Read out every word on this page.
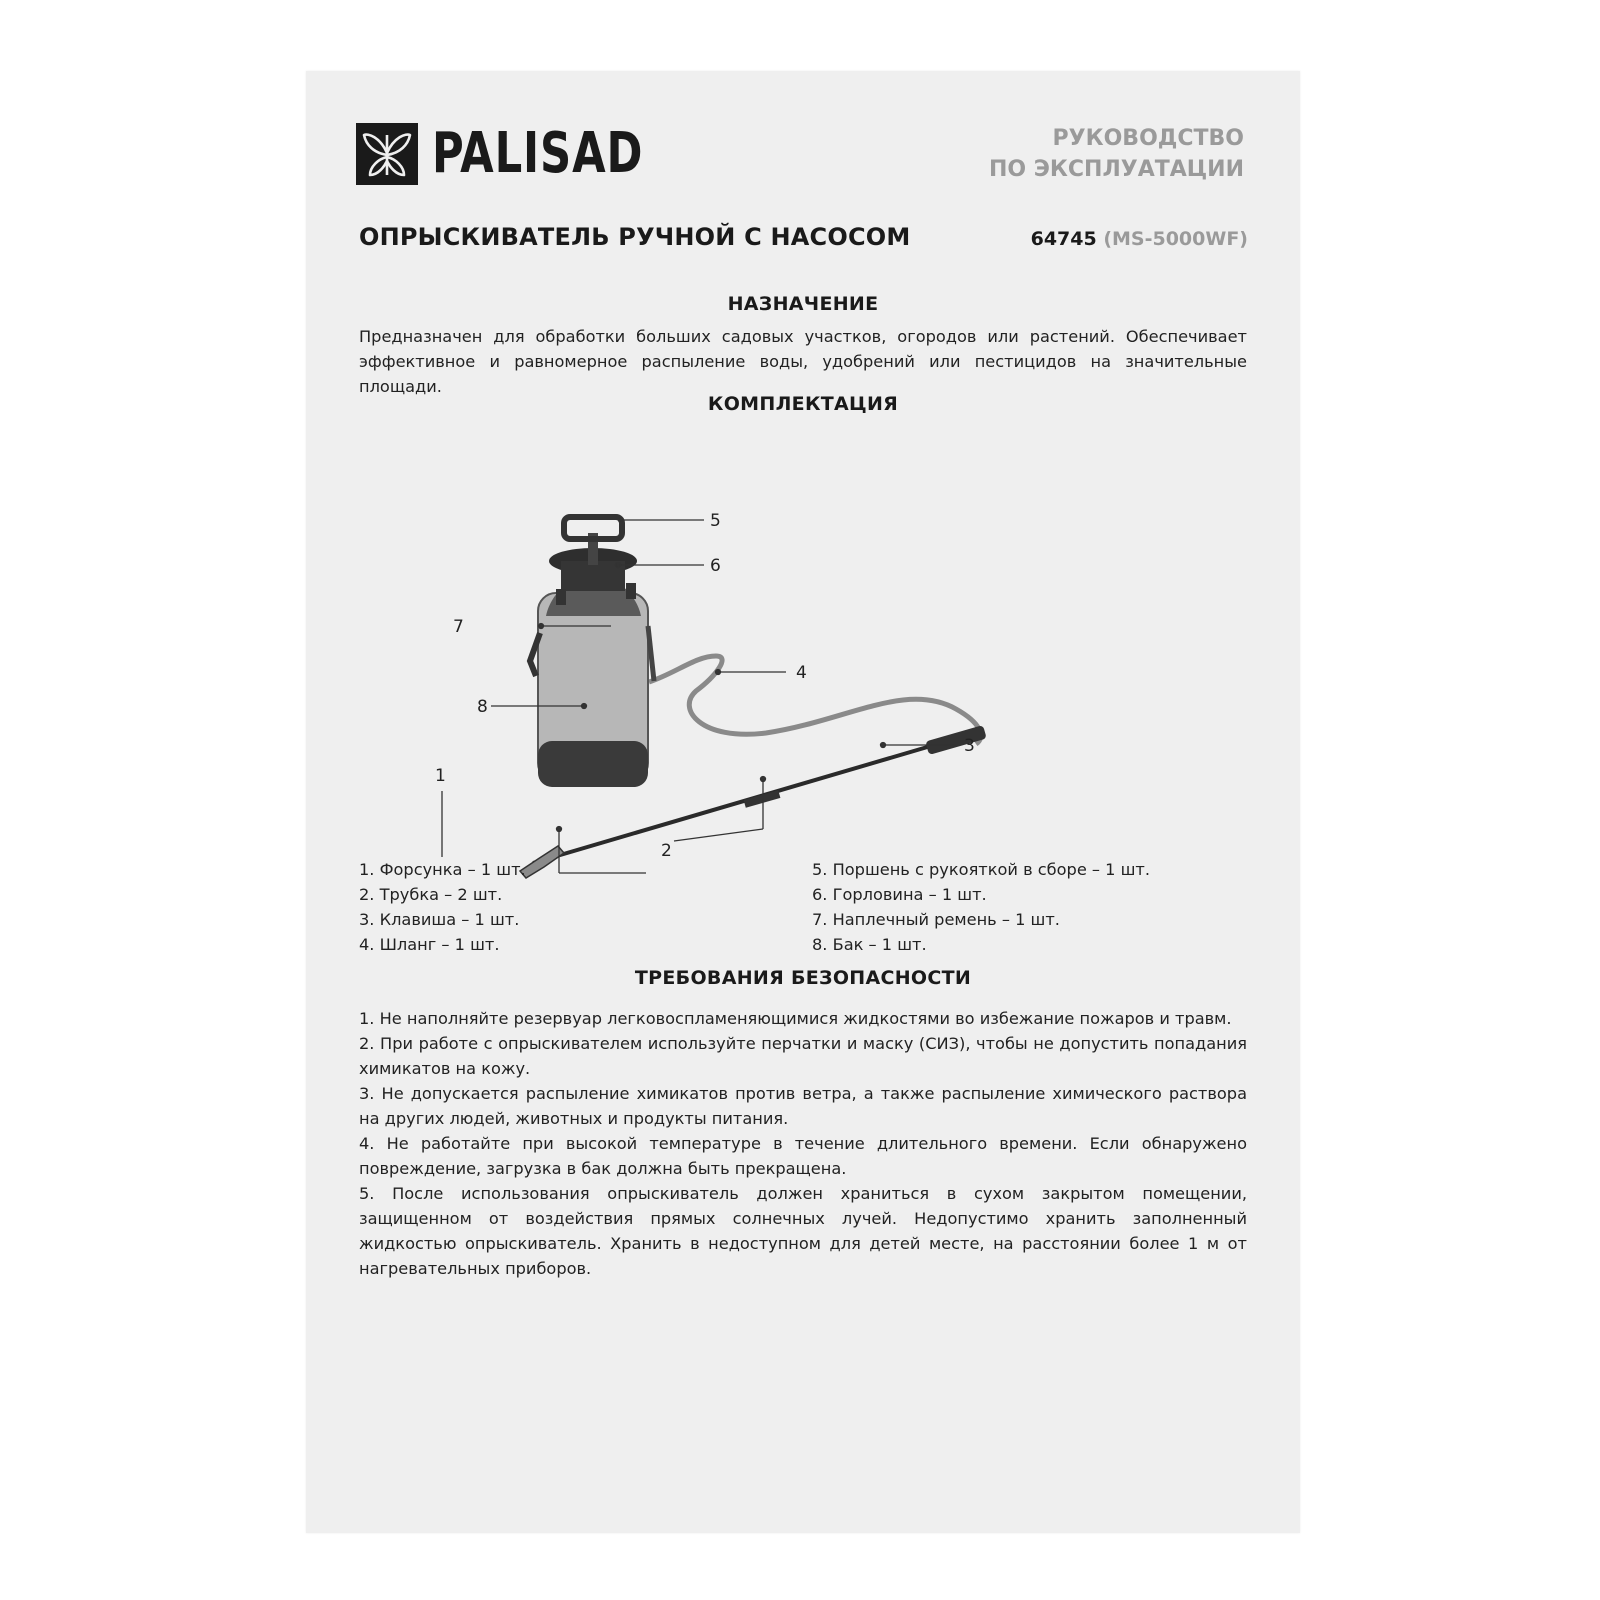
PALISAD	РУКОВОДСТВО
ПО ЭКСПЛУАТАЦИИ
ОПРЫСКИВАТЕЛЬ РУЧНОЙ С НАСОСОМ	64745 (MS-5000WF)
НАЗНАЧЕНИЕ
Предназначен для обработки больших садовых участков, огородов или растений. Обеспечивает эффективное и равномерное распыление воды, удобрений или пестицидов на значительные площади.
КОМПЛЕКТАЦИЯ
1
2
3
4
5
6
7
8
1. Форсунка – 1 шт.
2. Трубка – 2 шт.
3. Клавиша – 1 шт.
4. Шланг – 1 шт.
5. Поршень с рукояткой в сборе – 1 шт.
6. Горловина – 1 шт.
7. Наплечный ремень – 1 шт.
8. Бак – 1 шт.
ТРЕБОВАНИЯ БЕЗОПАСНОСТИ

1. Не наполняйте резервуар легковоспламеняющимися жидкостями во избежание пожаров и травм.

2. При работе с опрыскивателем используйте перчатки и маску (СИЗ), чтобы не допустить попадания химикатов на кожу.

3. Не допускается распыление химикатов против ветра, а также распыление химического раствора на других людей, животных и продукты питания.

4. Не работайте при высокой температуре в течение длительного времени. Если обнаружено повреждение, загрузка в бак должна быть прекращена.

5. После использования опрыскиватель должен храниться в сухом закрытом помещении, защищенном от воздействия прямых солнечных лучей. Недопустимо хранить заполненный жидкостью опрыскиватель. Хранить в недоступном для детей месте, на расстоянии более 1 м от нагревательных приборов.
